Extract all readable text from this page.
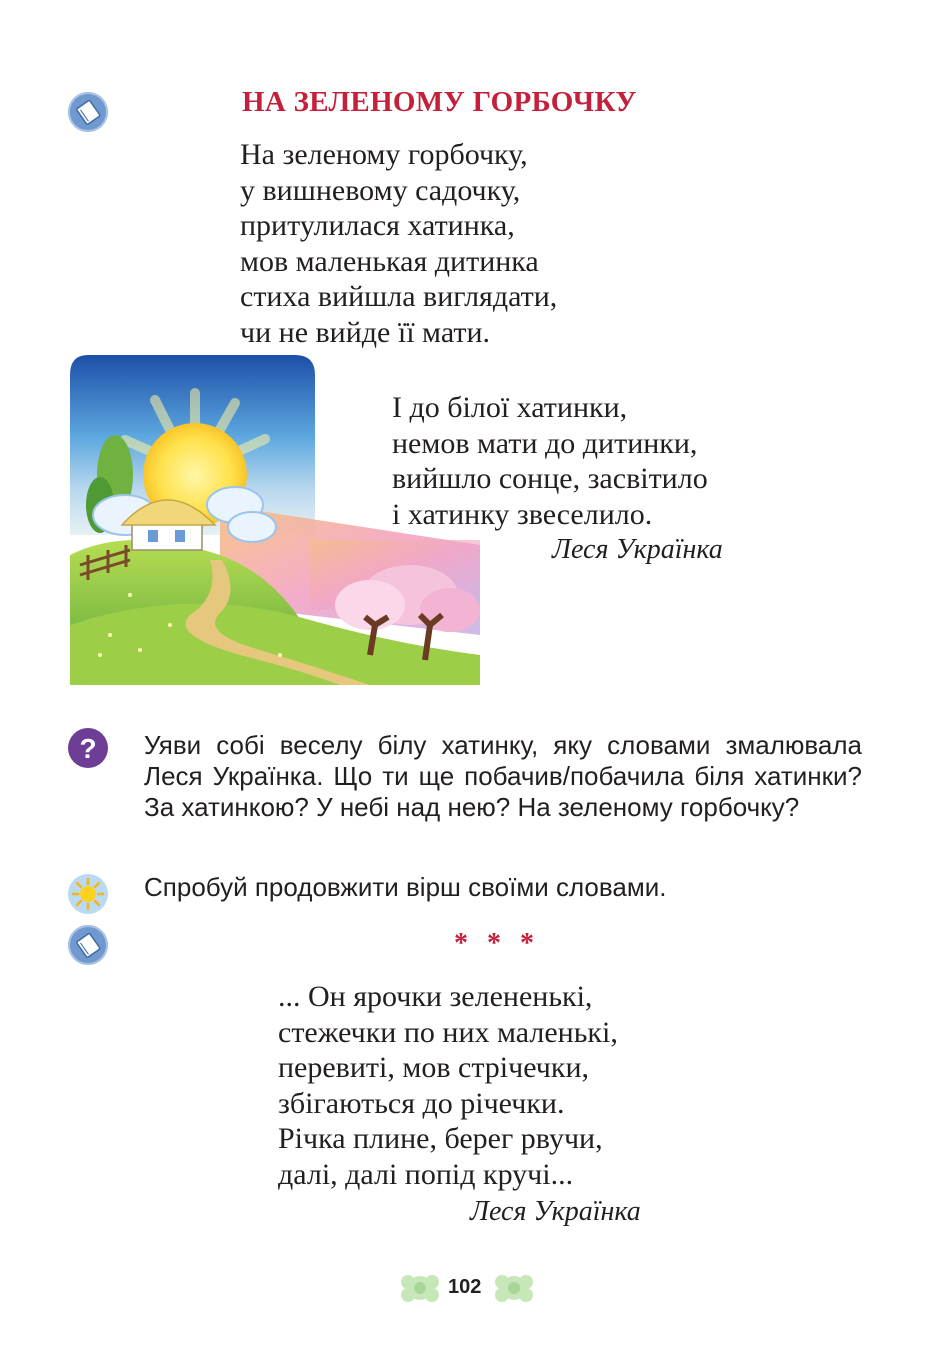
НА ЗЕЛЕНОМУ ГОРБОЧКУ
На зеленому горбочку,
у вишневому садочку,
притулилася хатинка,
мов маленькая дитинка
стиха вийшла виглядати,
чи не вийде її мати.
І до білої хатинки,
немов мати до дитинки,
вийшло сонце, засвітило
і хатинку звеселило.
Леся Українка
? Уяви собі веселу білу хатинку, яку словами змалювала Леся Українка. Що ти ще побачив/побачила біля хатинки? За хатинкою? У небі над нею? На зеленому горбочку?
Спробуй продовжити вірш своїми словами.
* * *
... Он ярочки зелененькі,
стежечки по них маленькі,
перевиті, мов стрічечки,
збігаються до річечки.
Річка плине, берег рвучи,
далі, далі попід кручі...
Леся Українка
102
